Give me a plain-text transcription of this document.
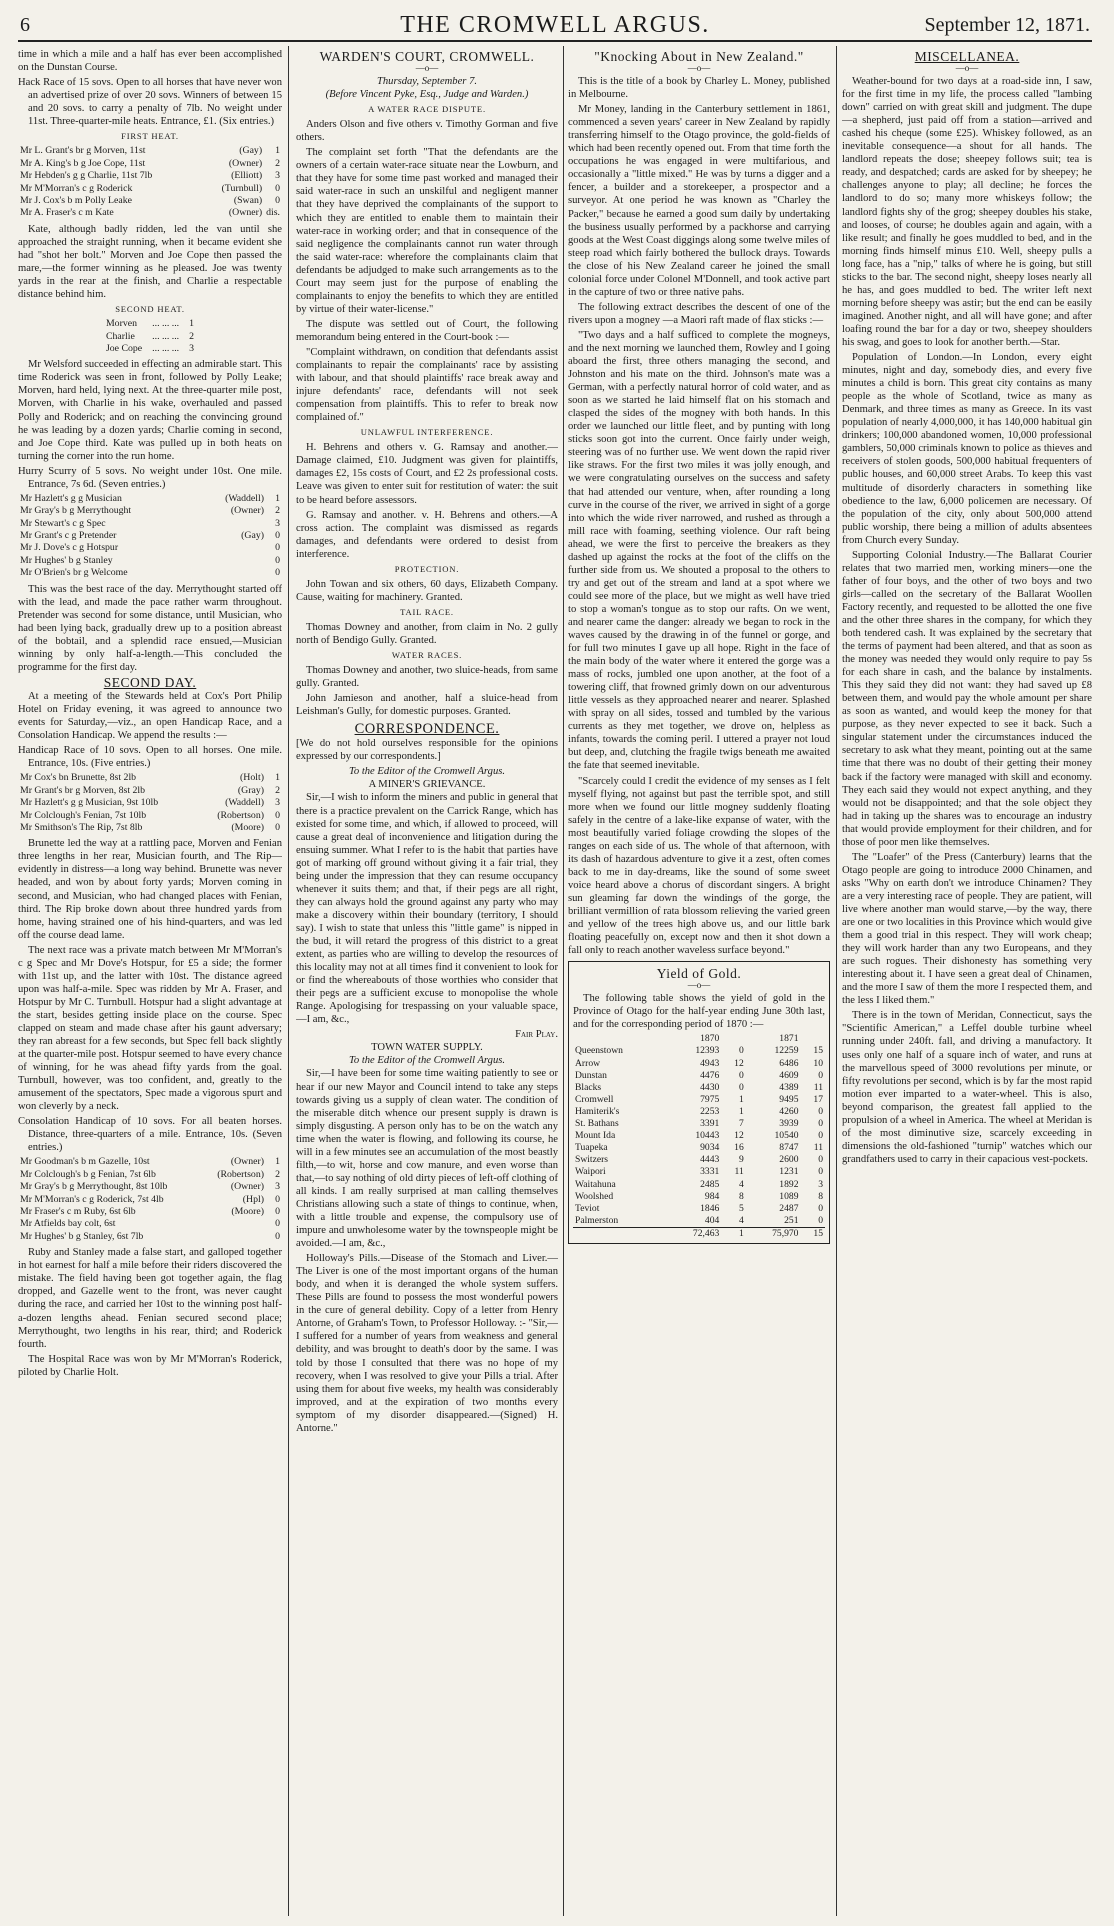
6	THE CROMWELL ARGUS.	September 12, 1871.

time in which a mile and a half has ever been accomplished on the Dunstan Course.

Hack Race of 15 sovs. Open to all horses that have never won an advertised prize of over 20 sovs. Winners of between 15 and 20 sovs. to carry a penalty of 7lb. No weight under 11st. Three-quarter-mile heats. Entrance, £1. (Six entries.)

FIRST HEAT.
Mr L. Grant's br g Morven, 11st	(Gay)	1
Mr A. King's b g Joe Cope, 11st	(Owner)	2
Mr Hebden's g g Charlie, 11st 7lb	(Elliott)	3
Mr M'Morran's c g Roderick	(Turnbull)	0
Mr J. Cox's b m Polly Leake	(Swan)	0
Mr A. Fraser's c m Kate	(Owner)	dis.

Kate, although badly ridden, led the van until she approached the straight running, when it became evident she had "shot her bolt." Morven and Joe Cope then passed the mare,—the former winning as he pleased. Joe was twenty yards in the rear at the finish, and Charlie a respectable distance behind him.

SECOND HEAT.
Morven	... ... ...	1
Charlie	... ... ...	2
Joe Cope	... ... ...	3

Mr Welsford succeeded in effecting an admirable start. This time Roderick was seen in front, followed by Polly Leake; Morven, hard held, lying next. At the three-quarter mile post, Morven, with Charlie in his wake, overhauled and passed Polly and Roderick; and on reaching the convincing ground he was leading by a dozen yards; Charlie coming in second, and Joe Cope third. Kate was pulled up in both heats on turning the corner into the run home.

Hurry Scurry of 5 sovs. No weight under 10st. One mile. Entrance, 7s 6d. (Seven entries.)

Mr Hazlett's g g Musician	(Waddell)	1
Mr Gray's b g Merrythought	(Owner)	2
Mr Stewart's c g Spec		3
Mr Grant's c g Pretender	(Gay)	0
Mr J. Dove's c g Hotspur		0
Mr Hughes' b g Stanley		0
Mr O'Brien's br g Welcome		0

This was the best race of the day. Merrythought started off with the lead, and made the pace rather warm throughout. Pretender was second for some distance, until Musician, who had been lying back, gradually drew up to a position abreast of the bobtail, and a splendid race ensued,—Musician winning by only half-a-length.—This concluded the programme for the first day.

SECOND DAY.

At a meeting of the Stewards held at Cox's Port Philip Hotel on Friday evening, it was agreed to announce two events for Saturday,—viz., an open Handicap Race, and a Consolation Handicap. We append the results :—

Handicap Race of 10 sovs. Open to all horses. One mile. Entrance, 10s. (Five entries.)

Mr Cox's bn Brunette, 8st 2lb	(Holt)	1
Mr Grant's br g Morven, 8st 2lb	(Gray)	2
Mr Hazlett's g g Musician, 9st 10lb	(Waddell)	3
Mr Colclough's Fenian, 7st 10lb	(Robertson)	0
Mr Smithson's The Rip, 7st 8lb	(Moore)	0

Brunette led the way at a rattling pace, Morven and Fenian three lengths in her rear, Musician fourth, and The Rip—evidently in distress—a long way behind. Brunette was never headed, and won by about forty yards; Morven coming in second, and Musician, who had changed places with Fenian, third. The Rip broke down about three hundred yards from home, having strained one of his hind-quarters, and was led off the course dead lame.

The next race was a private match between Mr M'Morran's c g Spec and Mr Dove's Hotspur, for £5 a side; the former with 11st up, and the latter with 10st. The distance agreed upon was half-a-mile. Spec was ridden by Mr A. Fraser, and Hotspur by Mr C. Turnbull. Hotspur had a slight advantage at the start, besides getting inside place on the course. Spec clapped on steam and made chase after his gaunt adversary; they ran abreast for a few seconds, but Spec fell back slightly at the quarter-mile post. Hotspur seemed to have every chance of winning, for he was ahead fifty yards from the goal. Turnbull, however, was too confident, and, greatly to the amusement of the spectators, Spec made a vigorous spurt and won cleverly by a neck.

Consolation Handicap of 10 sovs. For all beaten horses. Distance, three-quarters of a mile. Entrance, 10s. (Seven entries.)

Mr Goodman's b m Gazelle, 10st	(Owner)	1
Mr Colclough's b g Fenian, 7st 6lb	(Robertson)	2
Mr Gray's b g Merrythought, 8st 10lb	(Owner)	3
Mr M'Morran's c g Roderick, 7st 4lb	(Hpl)	0
Mr Fraser's c m Ruby, 6st 6lb	(Moore)	0
Mr Atfields bay colt, 6st		0
Mr Hughes' b g Stanley, 6st 7lb		0

Ruby and Stanley made a false start, and galloped together in hot earnest for half a mile before their riders discovered the mistake. The field having been got together again, the flag dropped, and Gazelle went to the front, was never caught during the race, and carried her 10st to the winning post half-a-dozen lengths ahead. Fenian secured second place; Merrythought, two lengths in his rear, third; and Roderick fourth.

The Hospital Race was won by Mr M'Morran's Roderick, piloted by Charlie Holt.

WARDEN'S COURT, CROMWELL.
—o—
Thursday, September 7.
(Before Vincent Pyke, Esq., Judge and Warden.)
A WATER RACE DISPUTE.

Anders Olson and five others v. Timothy Gorman and five others.

The complaint set forth "That the defendants are the owners of a certain water-race situate near the Lowburn, and that they have for some time past worked and managed their said water-race in such an unskilful and negligent manner that they have deprived the complainants of the support to which they are entitled to enable them to maintain their water-race in working order; and that in consequence of the said negligence the complainants cannot run water through the said water-race: wherefore the complainants claim that defendants be adjudged to make such arrangements as to the Court may seem just for the purpose of enabling the complainants to enjoy the benefits to which they are entitled by virtue of their water-license."

The dispute was settled out of Court, the following memorandum being entered in the Court-book :—

"Complaint withdrawn, on condition that defendants assist complainants to repair the complainants' race by assisting with labour, and that should plaintiffs' race break away and injure defendants' race, defendants will not seek compensation from plaintiffs. This to refer to break now complained of."

UNLAWFUL INTERFERENCE.

H. Behrens and others v. G. Ramsay and another.—Damage claimed, £10. Judgment was given for plaintiffs, damages £2, 15s costs of Court, and £2 2s professional costs. Leave was given to enter suit for restitution of water: the suit to be heard before assessors.

G. Ramsay and another. v. H. Behrens and others.—A cross action. The complaint was dismissed as regards damages, and defendants were ordered to desist from interference.

PROTECTION.

John Towan and six others, 60 days, Elizabeth Company. Cause, waiting for machinery. Granted.

TAIL RACE.

Thomas Downey and another, from claim in No. 2 gully north of Bendigo Gully. Granted.

WATER RACES.

Thomas Downey and another, two sluice-heads, from same gully. Granted.

John Jamieson and another, half a sluice-head from Leishman's Gully, for domestic purposes. Granted.

CORRESPONDENCE.

[We do not hold ourselves responsible for the opinions expressed by our correspondents.]

To the Editor of the Cromwell Argus.
A MINER'S GRIEVANCE.

Sir,—I wish to inform the miners and public in general that there is a practice prevalent on the Carrick Range, which has existed for some time, and which, if allowed to proceed, will cause a great deal of inconvenience and litigation during the ensuing summer. What I refer to is the habit that parties have got of marking off ground without giving it a fair trial, they being under the impression that they can resume occupancy whenever it suits them; and that, if their pegs are all right, they can always hold the ground against any party who may make a discovery within their boundary (territory, I should say). I wish to state that unless this "little game" is nipped in the bud, it will retard the progress of this district to a great extent, as parties who are willing to develop the resources of this locality may not at all times find it convenient to look for or find the whereabouts of those worthies who consider that their pegs are a sufficient excuse to monopolise the whole Range. Apologising for trespassing on your valuable space,—I am, &c.,

Fair Play.
TOWN WATER SUPPLY.
To the Editor of the Cromwell Argus.

Sir,—I have been for some time waiting patiently to see or hear if our new Mayor and Council intend to take any steps towards giving us a supply of clean water. The condition of the miserable ditch whence our present supply is drawn is simply disgusting. A person only has to be on the watch any time when the water is flowing, and following its course, he will in a few minutes see an accumulation of the most beastly filth,—to wit, horse and cow manure, and even worse than that,—to say nothing of old dirty pieces of left-off clothing of all kinds. I am really surprised at man calling themselves Christians allowing such a state of things to continue, when, with a little trouble and expense, the compulsory use of impure and unwholesome water by the townspeople might be avoided.—I am, &c.,

Holloway's Pills.—Disease of the Stomach and Liver.—The Liver is one of the most important organs of the human body, and when it is deranged the whole system suffers. These Pills are found to possess the most wonderful powers in the cure of general debility. Copy of a letter from Henry Antorne, of Graham's Town, to Professor Holloway. :- "Sir,—I suffered for a number of years from weakness and general debility, and was brought to death's door by the same. I was told by those I consulted that there was no hope of my recovery, when I was resolved to give your Pills a trial. After using them for about five weeks, my health was considerably improved, and at the expiration of two months every symptom of my disorder disappeared.—(Signed) H. Antorne."

"Knocking About in New Zealand."
—o—

This is the title of a book by Charley L. Money, published in Melbourne.

Mr Money, landing in the Canterbury settlement in 1861, commenced a seven years' career in New Zealand by rapidly transferring himself to the Otago province, the gold-fields of which had been recently opened out. From that time forth the occupations he was engaged in were multifarious, and occasionally a "little mixed." He was by turns a digger and a fencer, a builder and a storekeeper, a prospector and a surveyor. At one period he was known as "Charley the Packer," because he earned a good sum daily by undertaking the business usually performed by a packhorse and carrying goods at the West Coast diggings along some twelve miles of steep road which fairly bothered the bullock drays. Towards the close of his New Zealand career he joined the small colonial force under Colonel M'Donnell, and took active part in the capture of two or three native pahs.

The following extract describes the descent of one of the rivers upon a mogney —a Maori raft made of flax sticks :—

"Two days and a half sufficed to complete the mogneys, and the next morning we launched them, Rowley and I going aboard the first, three others managing the second, and Johnston and his mate on the third. Johnson's mate was a German, with a perfectly natural horror of cold water, and as soon as we started he laid himself flat on his stomach and clasped the sides of the mogney with both hands. In this order we launched our little fleet, and by punting with long sticks soon got into the current. Once fairly under weigh, steering was of no further use. We went down the rapid river like straws. For the first two miles it was jolly enough, and we were congratulating ourselves on the success and safety that had attended our venture, when, after rounding a long curve in the course of the river, we arrived in sight of a gorge into which the wide river narrowed, and rushed as through a mill race with foaming, seething violence. Our raft being ahead, we were the first to perceive the breakers as they dashed up against the rocks at the foot of the cliffs on the further side from us. We shouted a proposal to the others to try and get out of the stream and land at a spot where we could see more of the place, but we might as well have tried to stop a woman's tongue as to stop our rafts. On we went, and nearer came the danger: already we began to rock in the waves caused by the drawing in of the funnel or gorge, and for full two minutes I gave up all hope. Right in the face of the main body of the water where it entered the gorge was a mass of rocks, jumbled one upon another, at the foot of a towering cliff, that frowned grimly down on our adventurous little vessels as they approached nearer and nearer. Splashed with spray on all sides, tossed and tumbled by the various currents as they met together, we drove on, helpless as infants, towards the coming peril. I uttered a prayer not loud but deep, and, clutching the fragile twigs beneath me awaited the fate that seemed inevitable.

"Scarcely could I credit the evidence of my senses as I felt myself flying, not against but past the terrible spot, and still more when we found our little mogney suddenly floating safely in the centre of a lake-like expanse of water, with the most beautifully varied foliage crowding the slopes of the ranges on each side of us. The whole of that afternoon, with its dash of hazardous adventure to give it a zest, often comes back to me in day-dreams, like the sound of some sweet voice heard above a chorus of discordant singers. A bright sun gleaming far down the windings of the gorge, the brilliant vermillion of rata blossom relieving the varied green and yellow of the trees high above us, and our little bark floating peacefully on, except now and then it shot down a fall only to reach another waveless surface beyond."

Yield of Gold.
—o—

The following table shows the yield of gold in the Province of Otago for the half-year ending June 30th last, and for the corresponding period of 1870 :—

	1870		1871	
Queenstown	12393	0	12259	15
Arrow	4943	12	6486	10
Dunstan	4476	0	4609	0
Blacks	4430	0	4389	11
Cromwell	7975	1	9495	17
Hamiterik's	2253	1	4260	0
St. Bathans	3391	7	3939	0
Mount Ida	10443	12	10540	0
Tuapeka	9034	16	8747	11
Switzers	4443	9	2600	0
Waipori	3331	11	1231	0
Waitahuna	2485	4	1892	3
Woolshed	984	8	1089	8
Teviot	1846	5	2487	0
Palmerston	404	4	251	0
	72,463	1	75,970	15
MISCELLANEA.
—o—

Weather-bound for two days at a road-side inn, I saw, for the first time in my life, the process called "lambing down" carried on with great skill and judgment. The dupe—a shepherd, just paid off from a station—arrived and cashed his cheque (some £25). Whiskey followed, as an inevitable consequence—a shout for all hands. The landlord repeats the dose; sheepey follows suit; tea is ready, and despatched; cards are asked for by sheepey; he challenges anyone to play; all decline; he forces the landlord to do so; many more whiskeys follow; the landlord fights shy of the grog; sheepey doubles his stake, and looses, of course; he doubles again and again, with a like result; and finally he goes muddled to bed, and in the morning finds himself minus £10. Well, sheepy pulls a long face, has a "nip," talks of where he is going, but still sticks to the bar. The second night, sheepy loses nearly all he has, and goes muddled to bed. The writer left next morning before sheepy was astir; but the end can be easily imagined. Another night, and all will have gone; and after loafing round the bar for a day or two, sheepey shoulders his swag, and goes to look for another berth.—Star.

Population of London.—In London, every eight minutes, night and day, somebody dies, and every five minutes a child is born. This great city contains as many people as the whole of Scotland, twice as many as Denmark, and three times as many as Greece. In its vast population of nearly 4,000,000, it has 140,000 habitual gin drinkers; 100,000 abandoned women, 10,000 professional gamblers, 50,000 criminals known to police as thieves and receivers of stolen goods, 500,000 habitual frequenters of public houses, and 60,000 street Arabs. To keep this vast multitude of disorderly characters in something like obedience to the law, 6,000 policemen are necessary. Of the population of the city, only about 500,000 attend public worship, there being a million of adults absentees from Church every Sunday.

Supporting Colonial Industry.—The Ballarat Courier relates that two married men, working miners—one the father of four boys, and the other of two boys and two girls—called on the secretary of the Ballarat Woollen Factory recently, and requested to be allotted the one five and the other three shares in the company, for which they both tendered cash. It was explained by the secretary that the terms of payment had been altered, and that as soon as the money was needed they would only require to pay 5s for each share in cash, and the balance by instalments. This they said they did not want: they had saved up £8 between them, and would pay the whole amount per share as soon as wanted, and would keep the money for that purpose, as they never expected to see it back. Such a singular statement under the circumstances induced the secretary to ask what they meant, pointing out at the same time that there was no doubt of their getting their money back if the factory were managed with skill and economy. They each said they would not expect anything, and they would not be disappointed; and that the sole object they had in taking up the shares was to encourage an industry that would provide employment for their children, and for those of poor men like themselves.

The "Loafer" of the Press (Canterbury) learns that the Otago people are going to introduce 2000 Chinamen, and asks "Why on earth don't we introduce Chinamen? They are a very interesting race of people. They are patient, will live where another man would starve,—by the way, there are one or two localities in this Province which would give them a good trial in this respect. They will work cheap; they will work harder than any two Europeans, and they are such rogues. Their dishonesty has something very interesting about it. I have seen a great deal of Chinamen, and the more I saw of them the more I respected them, and the less I liked them."

There is in the town of Meridan, Connecticut, says the "Scientific American," a Leffel double turbine wheel running under 240ft. fall, and driving a manufactory. It uses only one half of a square inch of water, and runs at the marvellous speed of 3000 revolutions per minute, or fifty revolutions per second, which is by far the most rapid motion ever imparted to a water-wheel. This is also, beyond comparison, the greatest fall applied to the propulsion of a wheel in America. The wheel at Meridan is of the most diminutive size, scarcely exceeding in dimensions the old-fashioned "turnip" watches which our grandfathers used to carry in their capacious vest-pockets.
